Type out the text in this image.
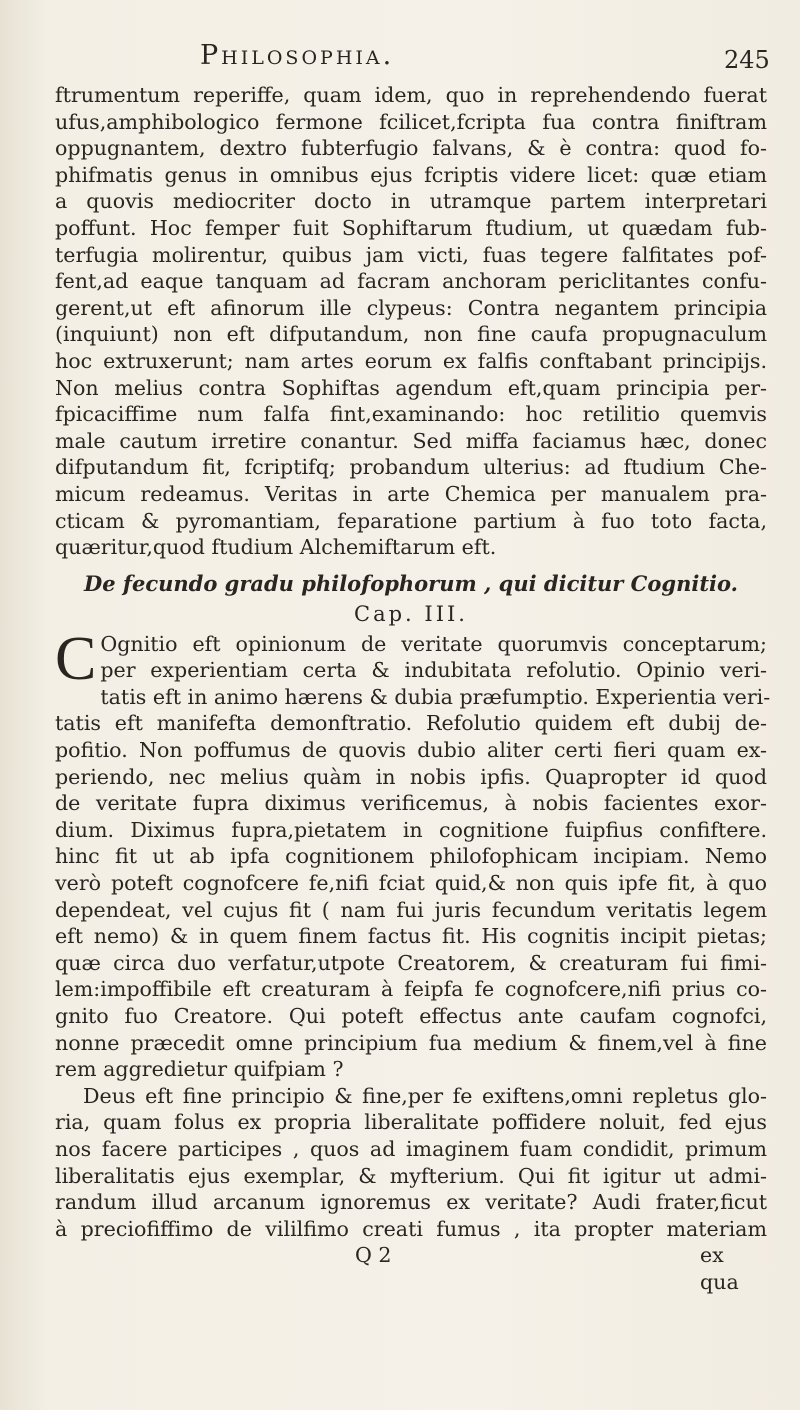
Philosophia.	245
ftrumentum reperiffe, quam idem, quo in reprehendendo fuerat
ufus,amphibologico fermone fcilicet,fcripta fua contra finiftram
oppugnantem, dextro fubterfugio falvans, & è contra: quod fo-
phifmatis genus in omnibus ejus fcriptis videre licet: quæ etiam
a quovis mediocriter docto in utramque partem interpretari
poffunt. Hoc femper fuit Sophiftarum ftudium, ut quædam fub-
terfugia molirentur, quibus jam victi, fuas tegere falfitates pof-
fent,ad eaque tanquam ad facram anchoram periclitantes confu-
gerent,ut eft afinorum ille clypeus: Contra negantem principia
(inquiunt) non eft difputandum, non fine caufa propugnaculum
hoc extruxerunt; nam artes eorum ex falfis conftabant principijs.
Non melius contra Sophiftas agendum eft,quam principia per-
fpicaciffime num falfa fint,examinando: hoc retilitio quemvis
male cautum irretire conantur. Sed miffa faciamus hæc, donec
difputandum fit, fcriptifq; probandum ulterius: ad ftudium Che-
micum redeamus. Veritas in arte Chemica per manualem pra-
cticam & pyromantiam, feparatione partium à fuo toto facta,
quæritur,quod ftudium Alchemiftarum eft.
De fecundo gradu philofophorum , qui dicitur Cognitio.
Cap. III.
C Ognitio eft opinionum de veritate quorumvis conceptarum;
per experientiam certa & indubitata refolutio. Opinio veri-
tatis eft in animo hærens & dubia præfumptio. Experientia veri-
tatis eft manifefta demonftratio. Refolutio quidem eft dubij de-
pofitio. Non poffumus de quovis dubio aliter certi fieri quam ex-
periendo, nec melius quàm in nobis ipfis. Quapropter id quod
de veritate fupra diximus verificemus, à nobis facientes exor-
dium. Diximus fupra,pietatem in cognitione fuipfius confiftere.
hinc fit ut ab ipfa cognitionem philofophicam incipiam. Nemo
verò poteft cognofcere fe,nifi fciat quid,& non quis ipfe fit, à quo
dependeat, vel cujus fit ( nam fui juris fecundum veritatis legem
eft nemo) & in quem finem factus fit. His cognitis incipit pietas;
quæ circa duo verfatur,utpote Creatorem, & creaturam fui fimi-
lem:impoffibile eft creaturam à feipfa fe cognofcere,nifi prius co-
gnito fuo Creatore. Qui poteft effectus ante caufam cognofci,
nonne præcedit omne principium fua medium & finem,vel à fine
rem aggredietur quifpiam ?
Deus eft fine principio & fine,per fe exiftens,omni repletus glo-
ria, quam folus ex propria liberalitate poffidere noluit, fed ejus
nos facere participes , quos ad imaginem fuam condidit, primum
liberalitatis ejus exemplar, & myfterium. Qui fit igitur ut admi-
randum illud arcanum ignoremus ex veritate? Audi frater,ficut
à preciofiffimo de vililfimo creati fumus , ita propter materiam
Q 2	ex qua
